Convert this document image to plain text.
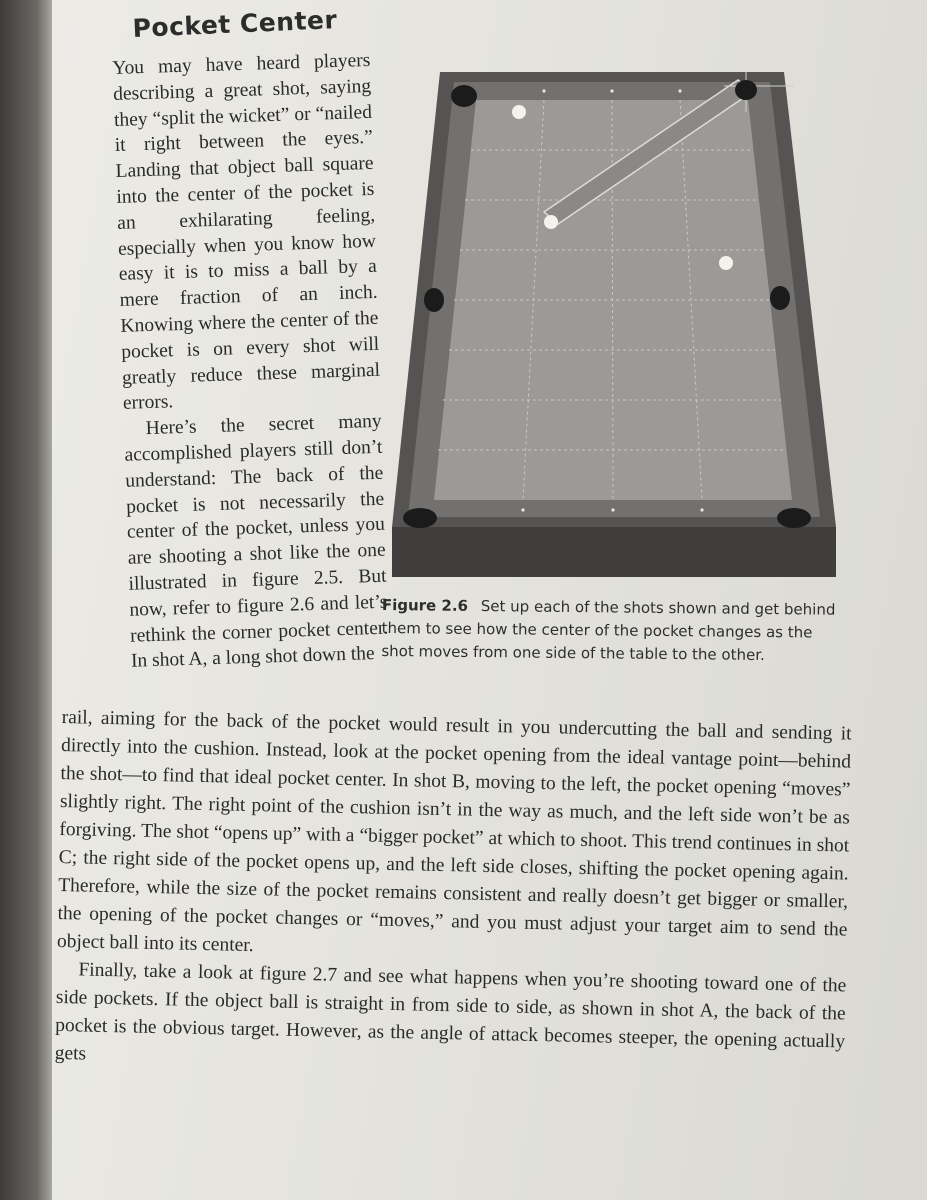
Pocket Center

You may have heard players describing a great shot, saying they “split the wicket” or “nailed it right between the eyes.” Landing that object ball square into the center of the pocket is an exhilarating feeling, especially when you know how easy it is to miss a ball by a mere fraction of an inch. Knowing where the center of the pocket is on every shot will greatly reduce these marginal errors.

Here’s the secret many accomplished players still don’t understand: The back of the pocket is not necessarily the center of the pocket, unless you are shooting a shot like the one illustrated in figure 2.5. But now, refer to figure 2.6 and let’s rethink the corner pocket center. In shot A, a long shot down the

Figure 2.6 Set up each of the shots shown and get behind them to see how the center of the pocket changes as the shot moves from one side of the table to the other.

rail, aiming for the back of the pocket would result in you undercutting the ball and sending it directly into the cushion. Instead, look at the pocket opening from the ideal vantage point—behind the shot—to find that ideal pocket center. In shot B, moving to the left, the pocket opening “moves” slightly right. The right point of the cushion isn’t in the way as much, and the left side won’t be as forgiving. The shot “opens up” with a “bigger pocket” at which to shoot. This trend continues in shot C; the right side of the pocket opens up, and the left side closes, shifting the pocket opening again. Therefore, while the size of the pocket remains consistent and really doesn’t get bigger or smaller, the opening of the pocket changes or “moves,” and you must adjust your target aim to send the object ball into its center.

Finally, take a look at figure 2.7 and see what happens when you’re shooting toward one of the side pockets. If the object ball is straight in from side to side, as shown in shot A, the back of the pocket is the obvious target. However, as the angle of attack becomes steeper, the opening actually gets
